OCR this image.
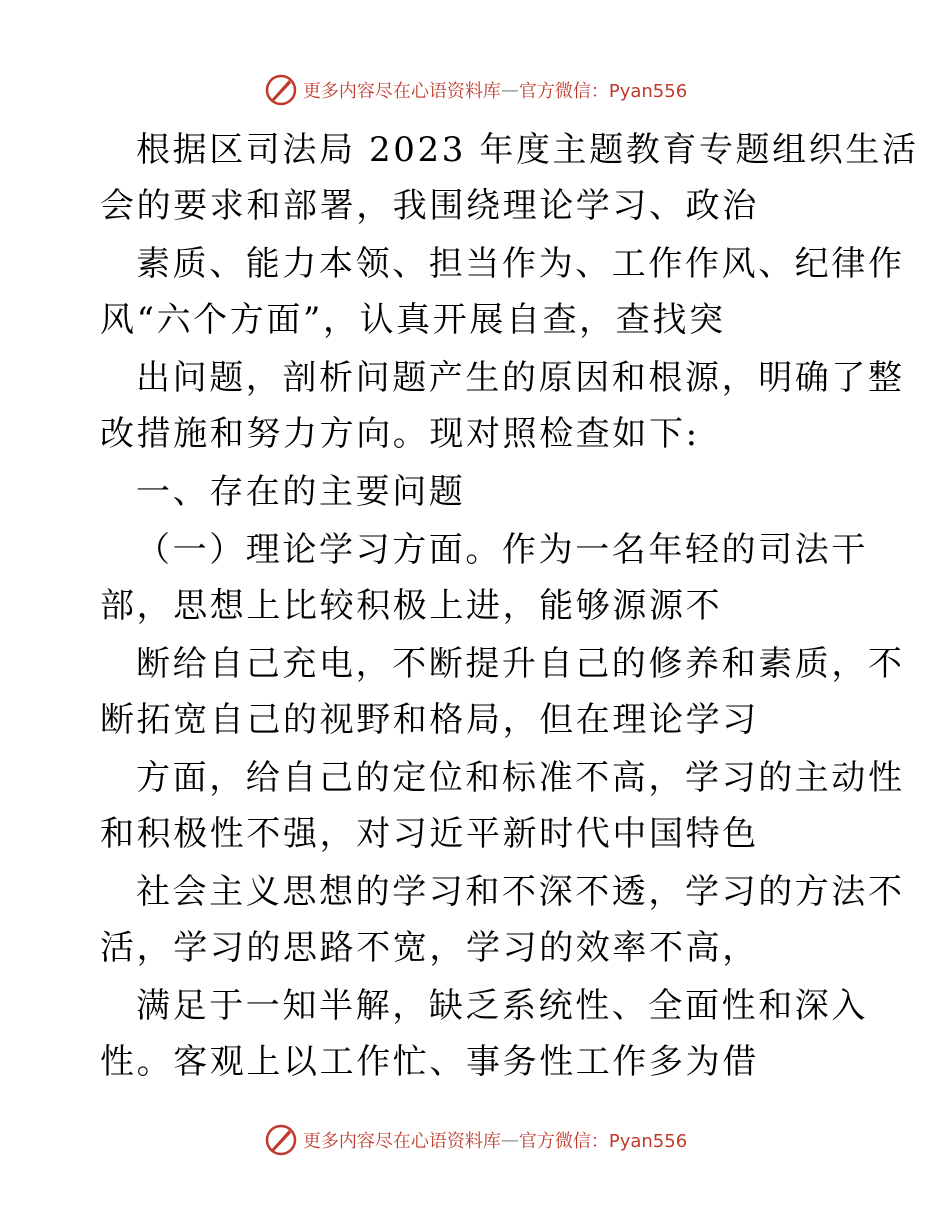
更多内容尽在心语资料库 — 官方微信：Pyan556
根据区司法局 2023 年度主题教育专题组织生活
会的要求和部署，我围绕理论学习、政治
素质、能力本领、担当作为、工作作风、纪律作
风“六个方面”，认真开展自查，查找突
出问题，剖析问题产生的原因和根源，明确了整
改措施和努力方向。现对照检查如下:
一、存在的主要问题
（一）理论学习方面。作为一名年轻的司法干
部，思想上比较积极上进，能够源源不
断给自己充电，不断提升自己的修养和素质，不
断拓宽自己的视野和格局，但在理论学习
方面，给自己的定位和标准不高，学习的主动性
和积极性不强，对习近平新时代中国特色
社会主义思想的学习和不深不透，学习的方法不
活，学习的思路不宽，学习的效率不高，
满足于一知半解，缺乏系统性、全面性和深入
性。客观上以工作忙、事务性工作多为借
更多内容尽在心语资料库 — 官方微信：Pyan556
